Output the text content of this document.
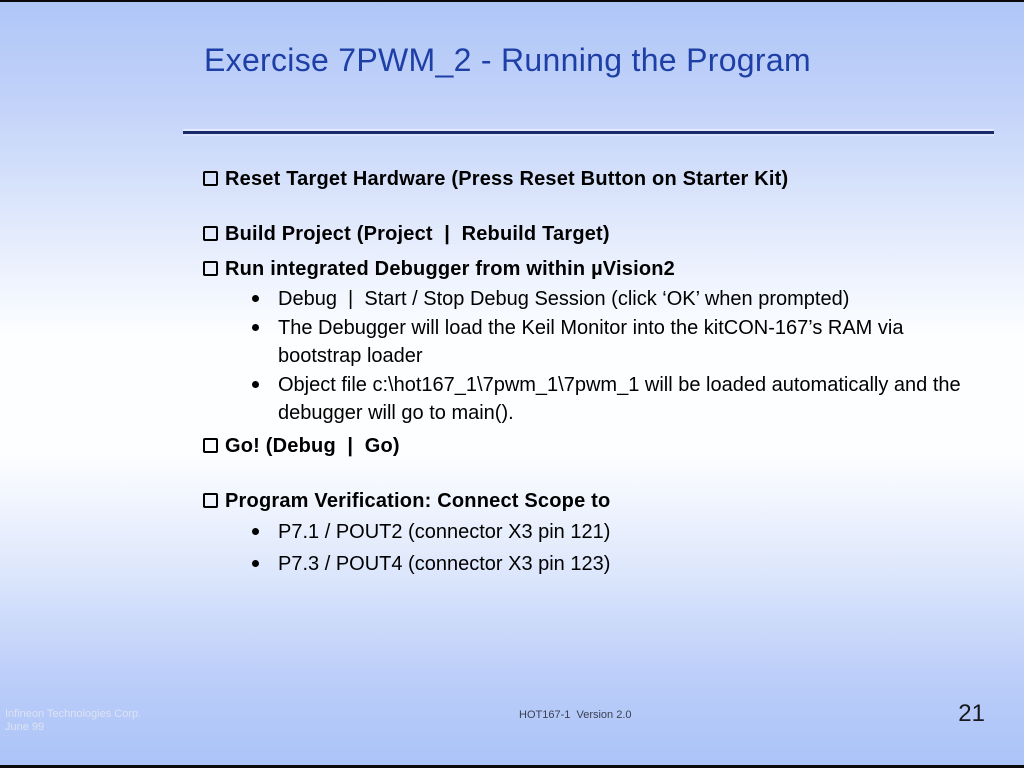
Exercise 7PWM_2 - Running the Program
Reset Target Hardware (Press Reset Button on Starter Kit)
Build Project (Project  |  Rebuild Target)
Run integrated Debugger from within µVision2
Debug  |  Start / Stop Debug Session (click ‘OK’ when prompted)
The Debugger will load the Keil Monitor into the kitCON-167’s RAM via bootstrap loader
Object file c:\hot167_1\7pwm_1\7pwm_1 will be loaded automatically and the debugger will go to main().
Go! (Debug  |  Go)
Program Verification: Connect Scope to
P7.1 / POUT2 (connector X3 pin 121)
P7.3 / POUT4 (connector X3 pin 123)
Infineon Technologies Corp.
June 99
HOT167-1  Version 2.0	21
